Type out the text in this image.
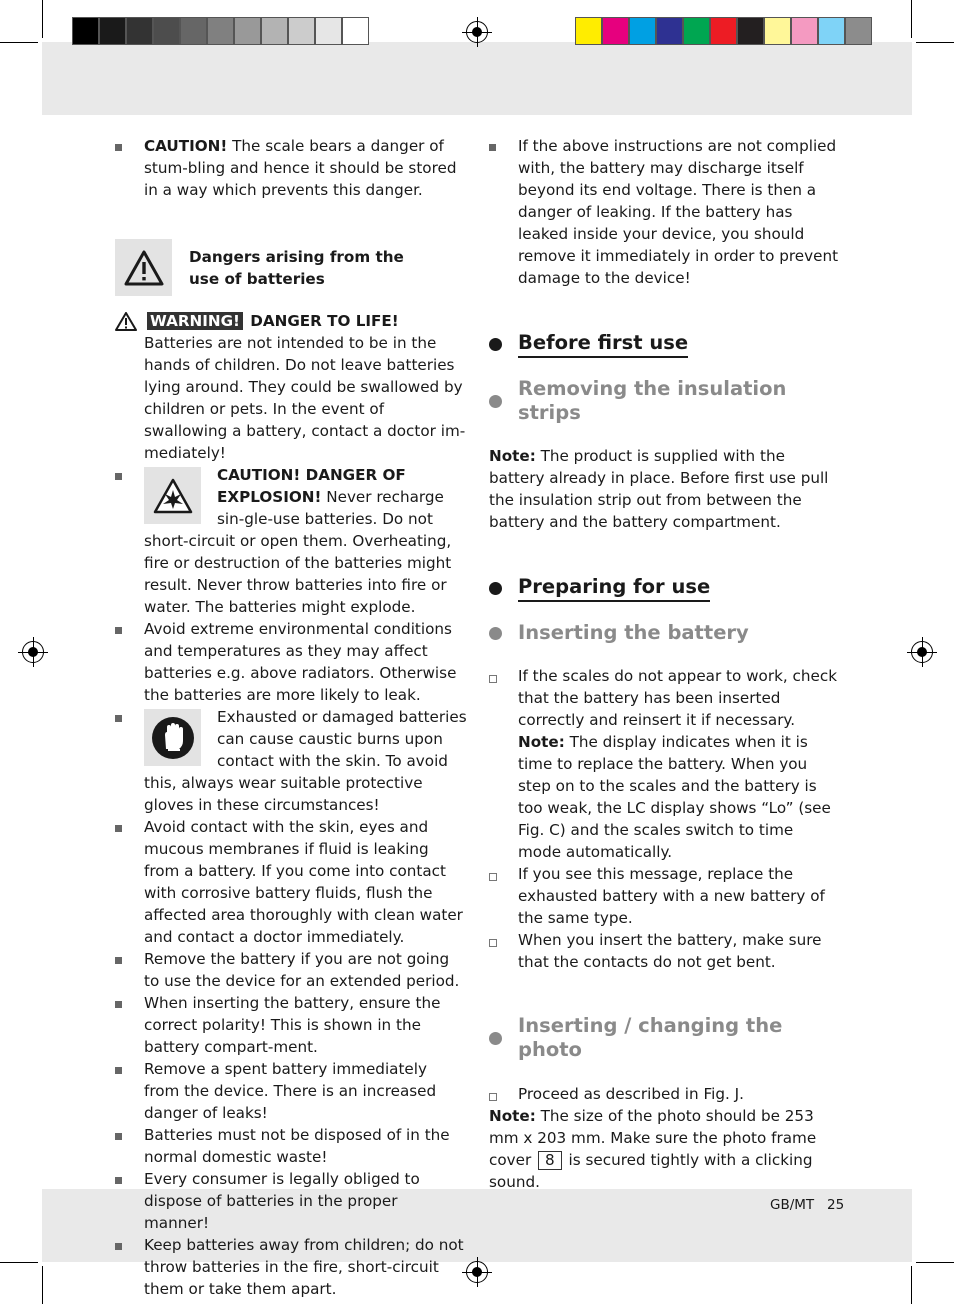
CAUTION! The scale bears a danger of stum-bling and hence it should be stored in a way which prevents this danger.

Dangers arising from the
use of batteries

WARNING! DANGER TO LIFE! Batteries are not intended to be in the hands of children. Do not leave batteries lying around. They could be swallowed by children or pets. In the event of swallowing a battery, contact a doctor im-mediately!

CAUTION! DANGER OF EXPLOSION! Never recharge sin-gle-use batteries. Do not short-circuit or open them. Overheating, fire or destruction of the batteries might result. Never throw batteries into fire or water. The batteries might explode.

Avoid extreme environmental conditions and temperatures as they may affect batteries e.g. above radiators. Otherwise the batteries are more likely to leak.

Exhausted or damaged batteries can cause caustic burns upon contact with the skin. To avoid this, always wear suitable protective gloves in these circumstances!

Avoid contact with the skin, eyes and mucous membranes if fluid is leaking from a battery. If you come into contact with corrosive battery fluids, flush the affected area thoroughly with clean water and contact a doctor immediately.

Remove the battery if you are not going to use the device for an extended period.

When inserting the battery, ensure the correct polarity! This is shown in the battery compart-ment.

Remove a spent battery immediately from the device. There is an increased danger of leaks!

Batteries must not be disposed of in the normal domestic waste!

Every consumer is legally obliged to dispose of batteries in the proper manner!

Keep batteries away from children; do not throw batteries in the fire, short-circuit them or take them apart.

If the above instructions are not complied with, the battery may discharge itself beyond its end voltage. There is then a danger of leaking. If the battery has leaked inside your device, you should remove it immediately in order to prevent damage to the device!

Before first use
Removing the insulation strips

Note: The product is supplied with the battery already in place. Before first use pull the insulation strip out from between the battery and the battery compartment.

Preparing for use
Inserting the battery

If the scales do not appear to work, check that the battery has been inserted correctly and reinsert it if necessary.
Note: The display indicates when it is time to replace the battery. When you step on to the scales and the battery is too weak, the LC display shows “Lo” (see Fig. C) and the scales switch to time mode automatically.

If you see this message, replace the exhausted battery with a new battery of the same type.

When you insert the battery, make sure that the contacts do not get bent.

Inserting / changing the photo

Proceed as described in Fig. J.

Note: The size of the photo should be 253 mm x 203 mm. Make sure the photo frame cover 8 is secured tightly with a clicking sound.

GB/MT 25
